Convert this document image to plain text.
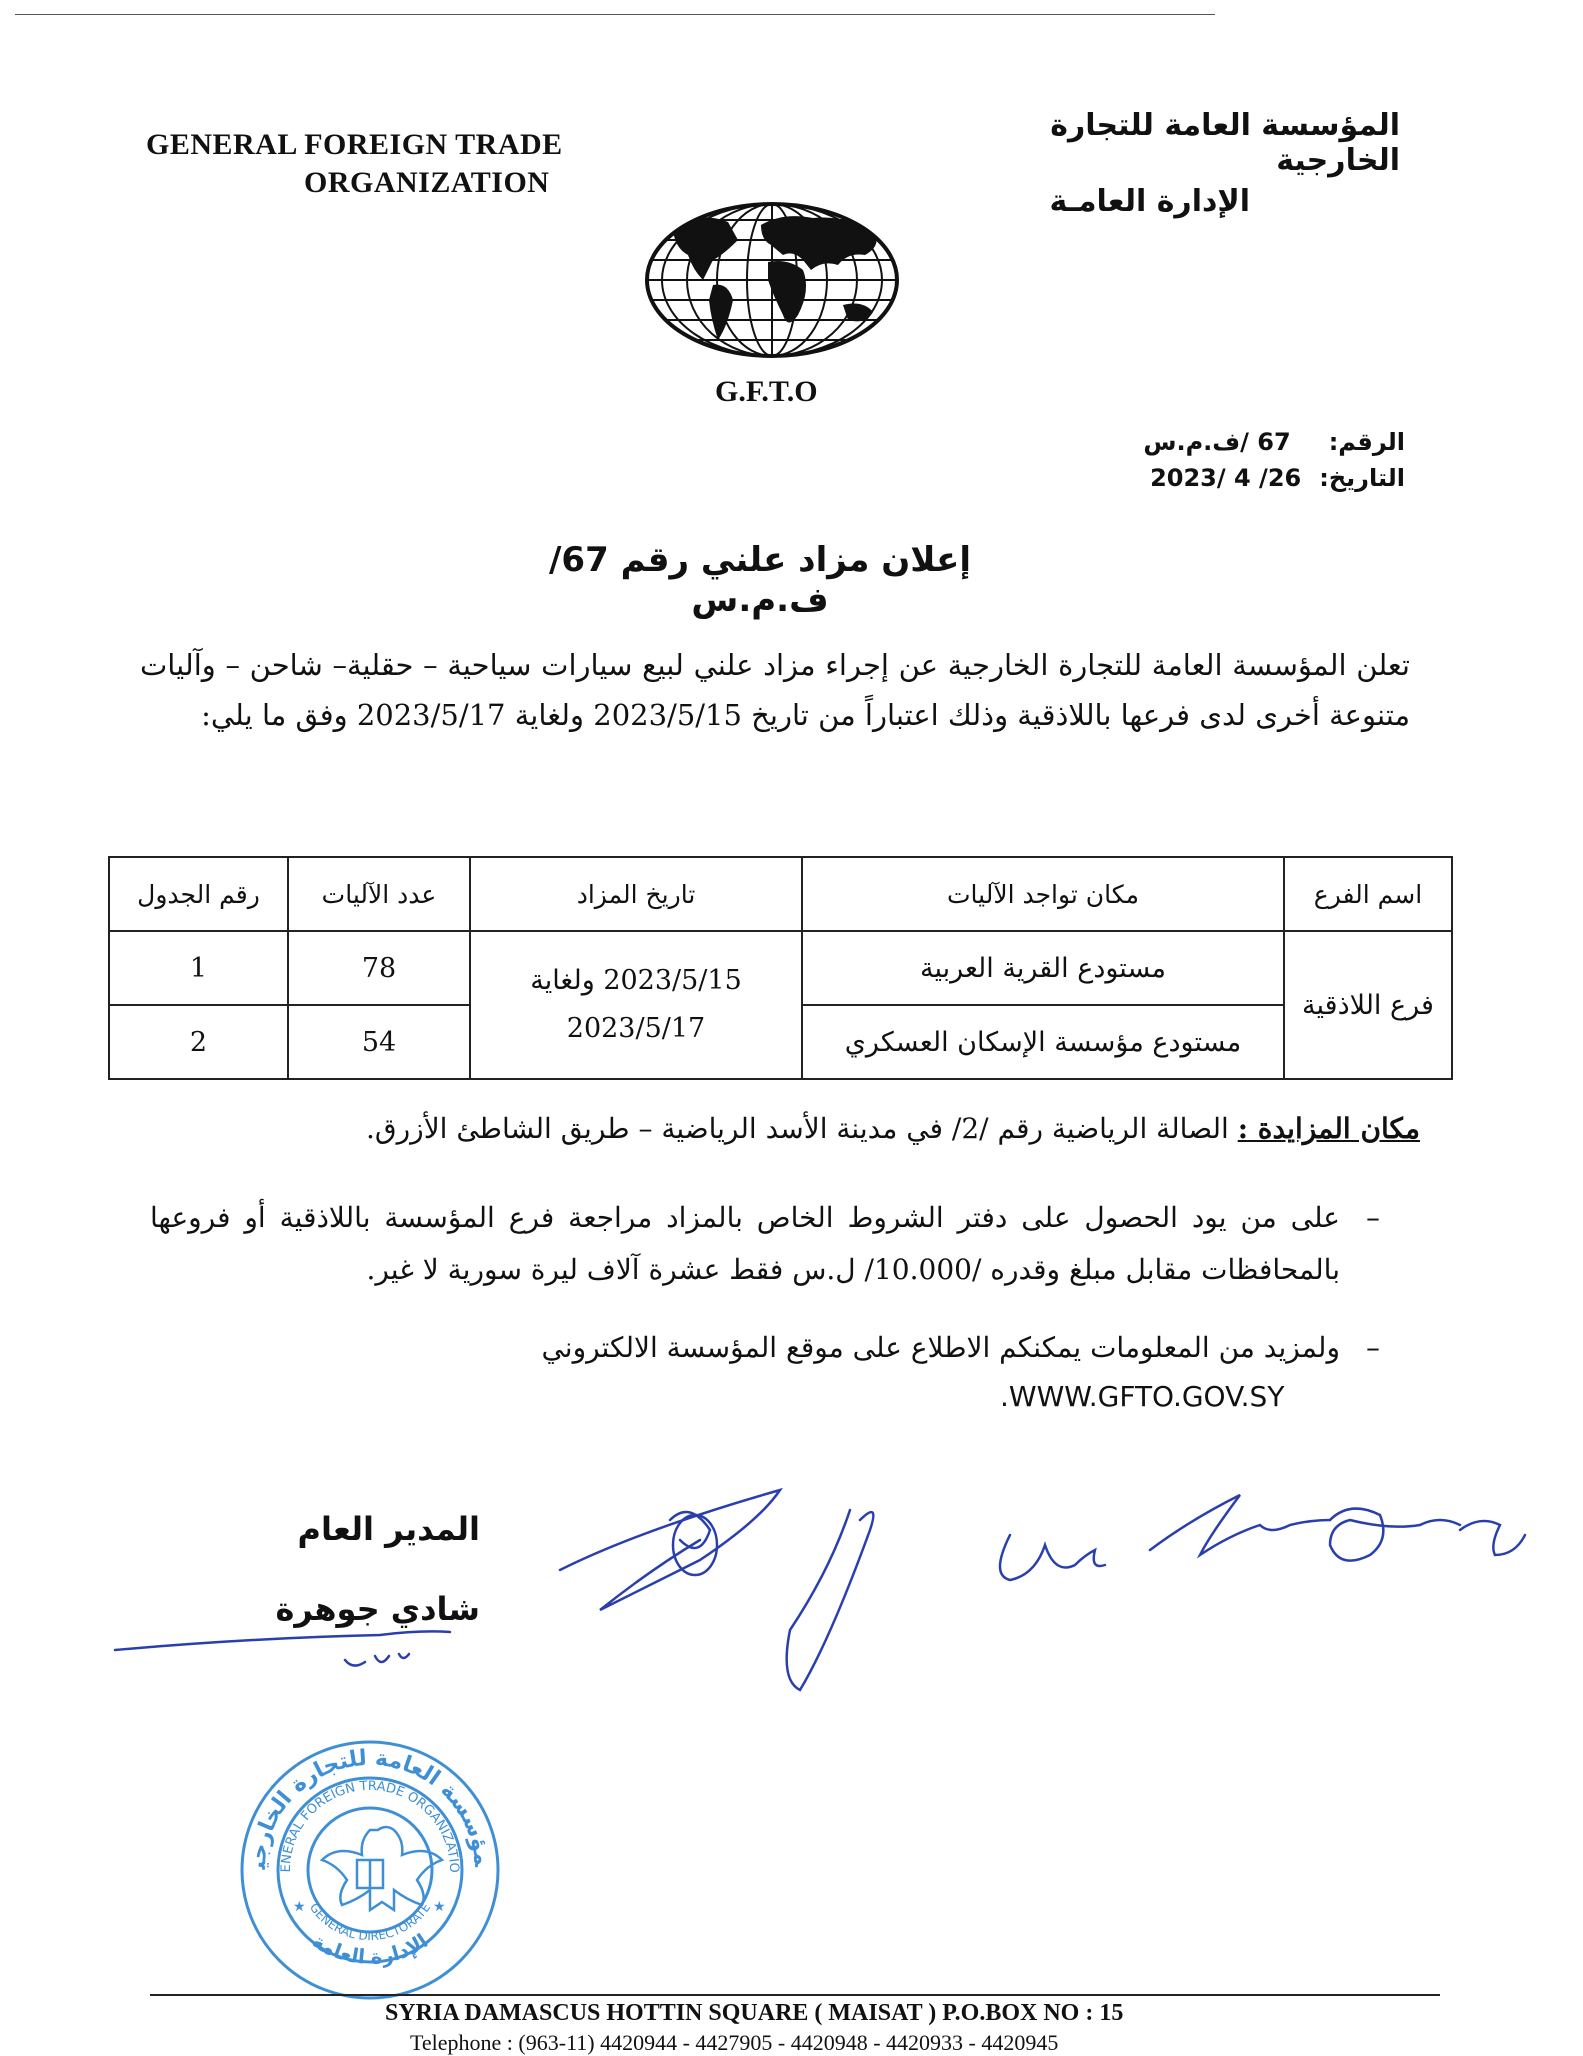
GENERAL FOREIGN TRADE
ORGANIZATION
المؤسسة العامة للتجارة الخارجية
الإدارة العامـة
G.F.T.O
الرقم:
67 /ف.م.س
التاريخ:
26/ 4 /2023
إعلان مزاد علني رقم 67/ ف.م.س
تعلن المؤسسة العامة للتجارة الخارجية عن إجراء مزاد علني لبيع سيارات سياحية – حقلية– شاحن – وآليات متنوعة أخرى لدى فرعها باللاذقية وذلك اعتباراً من تاريخ 2023/5/15 ولغاية 2023/5/17 وفق ما يلي:
اسم الفرع	مكان تواجد الآليات	تاريخ المزاد	عدد الآليات	رقم الجدول
فرع اللاذقية	مستودع القرية العربية	2023/5/15 ولغاية 2023/5/17	78	1
	مستودع مؤسسة الإسكان العسكري		54	2
مكان المزايدة : الصالة الرياضية رقم /2/ في مدينة الأسد الرياضية – طريق الشاطئ الأزرق.
–
على من يود الحصول على دفتر الشروط الخاص بالمزاد مراجعة فرع المؤسسة باللاذقية أو فروعها بالمحافظات مقابل مبلغ وقدره /10.000/ ل.س فقط عشرة آلاف ليرة سورية لا غير.
–
ولمزيد من المعلومات يمكنكم الاطلاع على موقع المؤسسة الالكتروني
.WWW.GFTO.GOV.SY
المدير العام
شادي جوهرة
مؤسسة العامة للتجارة الخارجي ENERAL FOREIGN TRADE ORGANIZATIO
GENERAL DIRECTORATE
الإدارة العامة
★	★
SYRIA DAMASCUS HOTTIN SQUARE ( MAISAT ) P.O.BOX NO : 15
Telephone : (963-11) 4420944 - 4427905 - 4420948 - 4420933 - 4420945
